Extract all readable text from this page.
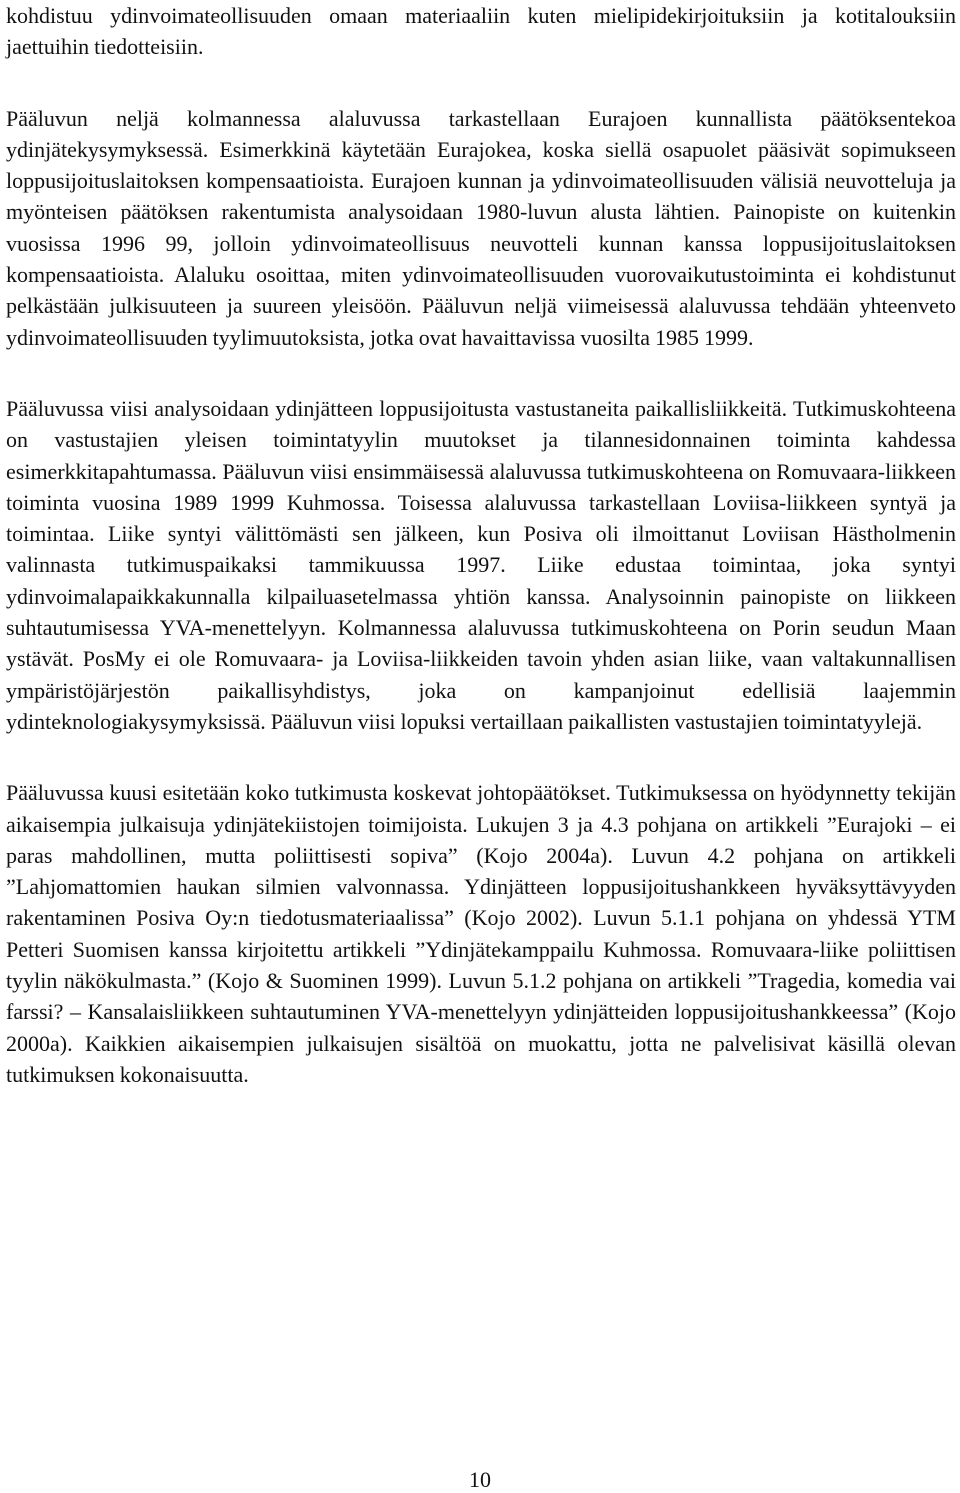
kohdistuu ydinvoimateollisuuden omaan materiaaliin kuten mielipidekirjoituksiin ja kotitalouksiin jaettuihin tiedotteisiin.

Pääluvun neljä kolmannessa alaluvussa tarkastellaan Eurajoen kunnallista päätöksentekoa ydinjätekysymyksessä. Esimerkkinä käytetään Eurajokea, koska siellä osapuolet pääsivät sopimukseen loppusijoituslaitoksen kompensaatioista. Eurajoen kunnan ja ydinvoimateollisuuden välisiä neuvotteluja ja myönteisen päätöksen rakentumista analysoidaan 1980-luvun alusta lähtien. Painopiste on kuitenkin vuosissa 1996 99, jolloin ydinvoimateollisuus neuvotteli kunnan kanssa loppusijoituslaitoksen kompensaatioista. Alaluku osoittaa, miten ydinvoimateollisuuden vuorovaikutustoiminta ei kohdistunut pelkästään julkisuuteen ja suureen yleisöön. Pääluvun neljä viimeisessä alaluvussa tehdään yhteenveto ydinvoimateollisuuden tyylimuutoksista, jotka ovat havaittavissa vuosilta 1985 1999.

Pääluvussa viisi analysoidaan ydinjätteen loppusijoitusta vastustaneita paikallisliikkeitä. Tutkimuskohteena on vastustajien yleisen toimintatyylin muutokset ja tilannesidonnainen toiminta kahdessa esimerkkitapahtumassa. Pääluvun viisi ensimmäisessä alaluvussa tutkimuskohteena on Romuvaara-liikkeen toiminta vuosina 1989 1999 Kuhmossa. Toisessa alaluvussa tarkastellaan Loviisa-liikkeen syntyä ja toimintaa. Liike syntyi välittömästi sen jälkeen, kun Posiva oli ilmoittanut Loviisan Hästholmenin valinnasta tutkimuspaikaksi tammikuussa 1997. Liike edustaa toimintaa, joka syntyi ydinvoimalapaikkakunnalla kilpailuasetelmassa yhtiön kanssa. Analysoinnin painopiste on liikkeen suhtautumisessa YVA-menettelyyn. Kolmannessa alaluvussa tutkimuskohteena on Porin seudun Maan ystävät. PosMy ei ole Romuvaara- ja Loviisa-liikkeiden tavoin yhden asian liike, vaan valtakunnallisen ympäristöjärjestön paikallisyhdistys, joka on kampanjoinut edellisiä laajemmin ydinteknologiakysymyksissä. Pääluvun viisi lopuksi vertaillaan paikallisten vastustajien toimintatyylejä.

Pääluvussa kuusi esitetään koko tutkimusta koskevat johtopäätökset. Tutkimuksessa on hyödynnetty tekijän aikaisempia julkaisuja ydinjätekiistojen toimijoista. Lukujen 3 ja 4.3 pohjana on artikkeli ”Eurajoki – ei paras mahdollinen, mutta poliittisesti sopiva” (Kojo 2004a). Luvun 4.2 pohjana on artikkeli ”Lahjomattomien haukan silmien valvonnassa. Ydinjätteen loppusijoitushankkeen hyväksyttävyyden rakentaminen Posiva Oy:n tiedotusmateriaalissa” (Kojo 2002). Luvun 5.1.1 pohjana on yhdessä YTM Petteri Suomisen kanssa kirjoitettu artikkeli ”Ydinjätekamppailu Kuhmossa. Romuvaara-liike poliittisen tyylin näkökulmasta.” (Kojo & Suominen 1999). Luvun 5.1.2 pohjana on artikkeli ”Tragedia, komedia vai farssi? – Kansalaisliikkeen suhtautuminen YVA-menettelyyn ydinjätteiden loppusijoitushankkeessa” (Kojo 2000a). Kaikkien aikaisempien julkaisujen sisältöä on muokattu, jotta ne palvelisivat käsillä olevan tutkimuksen kokonaisuutta.

10
